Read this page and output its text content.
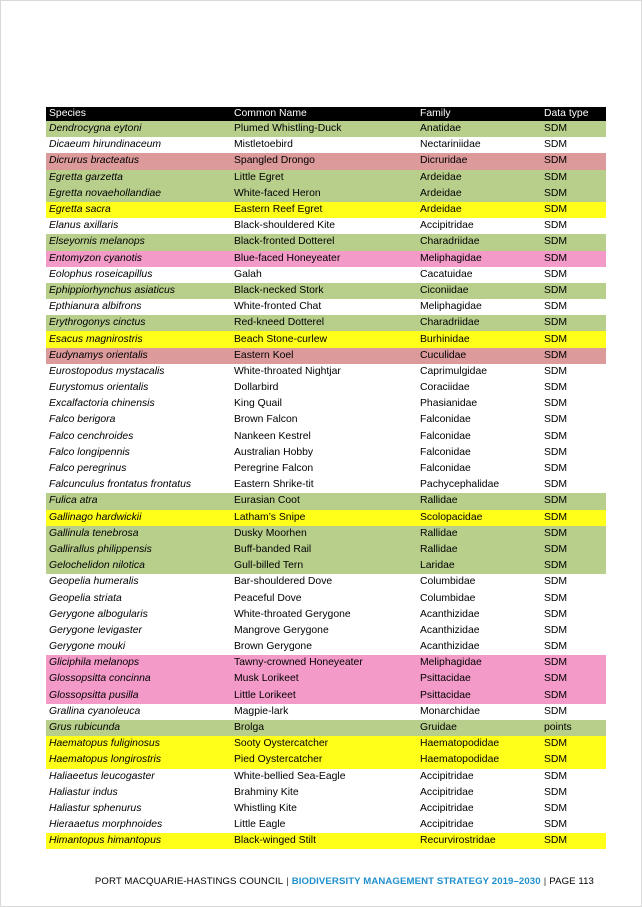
Species	Common Name	Family	Data type
Dendrocygna eytoni	Plumed Whistling-Duck	Anatidae	SDM
Dicaeum hirundinaceum	Mistletoebird	Nectariniidae	SDM
Dicrurus bracteatus	Spangled Drongo	Dicruridae	SDM
Egretta garzetta	Little Egret	Ardeidae	SDM
Egretta novaehollandiae	White-faced Heron	Ardeidae	SDM
Egretta sacra	Eastern Reef Egret	Ardeidae	SDM
Elanus axillaris	Black-shouldered Kite	Accipitridae	SDM
Elseyornis melanops	Black-fronted Dotterel	Charadriidae	SDM
Entomyzon cyanotis	Blue-faced Honeyeater	Meliphagidae	SDM
Eolophus roseicapillus	Galah	Cacatuidae	SDM
Ephippiorhynchus asiaticus	Black-necked Stork	Ciconiidae	SDM
Epthianura albifrons	White-fronted Chat	Meliphagidae	SDM
Erythrogonys cinctus	Red-kneed Dotterel	Charadriidae	SDM
Esacus magnirostris	Beach Stone-curlew	Burhinidae	SDM
Eudynamys orientalis	Eastern Koel	Cuculidae	SDM
Eurostopodus mystacalis	White-throated Nightjar	Caprimulgidae	SDM
Eurystomus orientalis	Dollarbird	Coraciidae	SDM
Excalfactoria chinensis	King Quail	Phasianidae	SDM
Falco berigora	Brown Falcon	Falconidae	SDM
Falco cenchroides	Nankeen Kestrel	Falconidae	SDM
Falco longipennis	Australian Hobby	Falconidae	SDM
Falco peregrinus	Peregrine Falcon	Falconidae	SDM
Falcunculus frontatus frontatus	Eastern Shrike-tit	Pachycephalidae	SDM
Fulica atra	Eurasian Coot	Rallidae	SDM
Gallinago hardwickii	Latham’s Snipe	Scolopacidae	SDM
Gallinula tenebrosa	Dusky Moorhen	Rallidae	SDM
Gallirallus philippensis	Buff-banded Rail	Rallidae	SDM
Gelochelidon nilotica	Gull-billed Tern	Laridae	SDM
Geopelia humeralis	Bar-shouldered Dove	Columbidae	SDM
Geopelia striata	Peaceful Dove	Columbidae	SDM
Gerygone albogularis	White-throated Gerygone	Acanthizidae	SDM
Gerygone levigaster	Mangrove Gerygone	Acanthizidae	SDM
Gerygone mouki	Brown Gerygone	Acanthizidae	SDM
Gliciphila melanops	Tawny-crowned Honeyeater	Meliphagidae	SDM
Glossopsitta concinna	Musk Lorikeet	Psittacidae	SDM
Glossopsitta pusilla	Little Lorikeet	Psittacidae	SDM
Grallina cyanoleuca	Magpie-lark	Monarchidae	SDM
Grus rubicunda	Brolga	Gruidae	points
Haematopus fuliginosus	Sooty Oystercatcher	Haematopodidae	SDM
Haematopus longirostris	Pied Oystercatcher	Haematopodidae	SDM
Haliaeetus leucogaster	White-bellied Sea-Eagle	Accipitridae	SDM
Haliastur indus	Brahminy Kite	Accipitridae	SDM
Haliastur sphenurus	Whistling Kite	Accipitridae	SDM
Hieraaetus morphnoides	Little Eagle	Accipitridae	SDM
Himantopus himantopus	Black-winged Stilt	Recurvirostridae	SDM
PORT MACQUARIE-HASTINGS COUNCIL | BIODIVERSITY MANAGEMENT STRATEGY 2019–2030 | PAGE 113
